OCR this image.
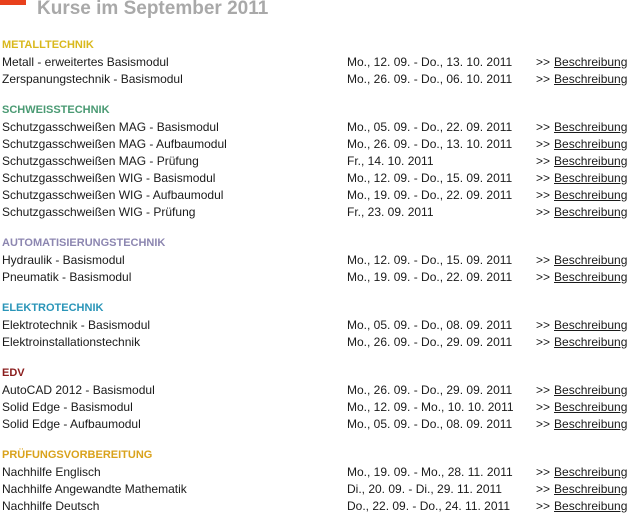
Kurse im September 2011
METALLTECHNIK
Metall - erweitertes Basismodul	Mo., 12. 09. - Do., 13. 10. 2011 >> Beschreibung
Zerspanungstechnik - Basismodul	Mo., 26. 09. - Do., 06. 10. 2011 >> Beschreibung
SCHWEISSTECHNIK
Schutzgasschweißen MAG - Basismodul	Mo., 05. 09. - Do., 22. 09. 2011 >> Beschreibung
Schutzgasschweißen MAG - Aufbaumodul	Mo., 26. 09. - Do., 13. 10. 2011 >> Beschreibung
Schutzgasschweißen MAG - Prüfung	Fr., 14. 10. 2011	>> Beschreibung
Schutzgasschweißen WIG - Basismodul	Mo., 12. 09. - Do., 15. 09. 2011 >> Beschreibung
Schutzgasschweißen WIG - Aufbaumodul	Mo., 19. 09. - Do., 22. 09. 2011 >> Beschreibung
Schutzgasschweißen WIG - Prüfung	Fr., 23. 09. 2011	>> Beschreibung
AUTOMATISIERUNGSTECHNIK
Hydraulik - Basismodul	Mo., 12. 09. - Do., 15. 09. 2011 >> Beschreibung
Pneumatik - Basismodul	Mo., 19. 09. - Do., 22. 09. 2011 >> Beschreibung
ELEKTROTECHNIK
Elektrotechnik - Basismodul	Mo., 05. 09. - Do., 08. 09. 2011 >> Beschreibung
Elektroinstallationstechnik	Mo., 26. 09. - Do., 29. 09. 2011 >> Beschreibung
EDV
AutoCAD 2012 - Basismodul	Mo., 26. 09. - Do., 29. 09. 2011 >> Beschreibung
Solid Edge - Basismodul	Mo., 12. 09. - Mo., 10. 10. 2011 >> Beschreibung
Solid Edge - Aufbaumodul	Mo., 05. 09. - Do., 08. 09. 2011 >> Beschreibung
PRÜFUNGSVORBEREITUNG
Nachhilfe Englisch	Mo., 19. 09. - Mo., 28. 11. 2011 >> Beschreibung
Nachhilfe Angewandte Mathematik	Di., 20. 09. - Di., 29. 11. 2011	>> Beschreibung
Nachhilfe Deutsch	Do., 22. 09. - Do., 24. 11. 2011 >> Beschreibung
